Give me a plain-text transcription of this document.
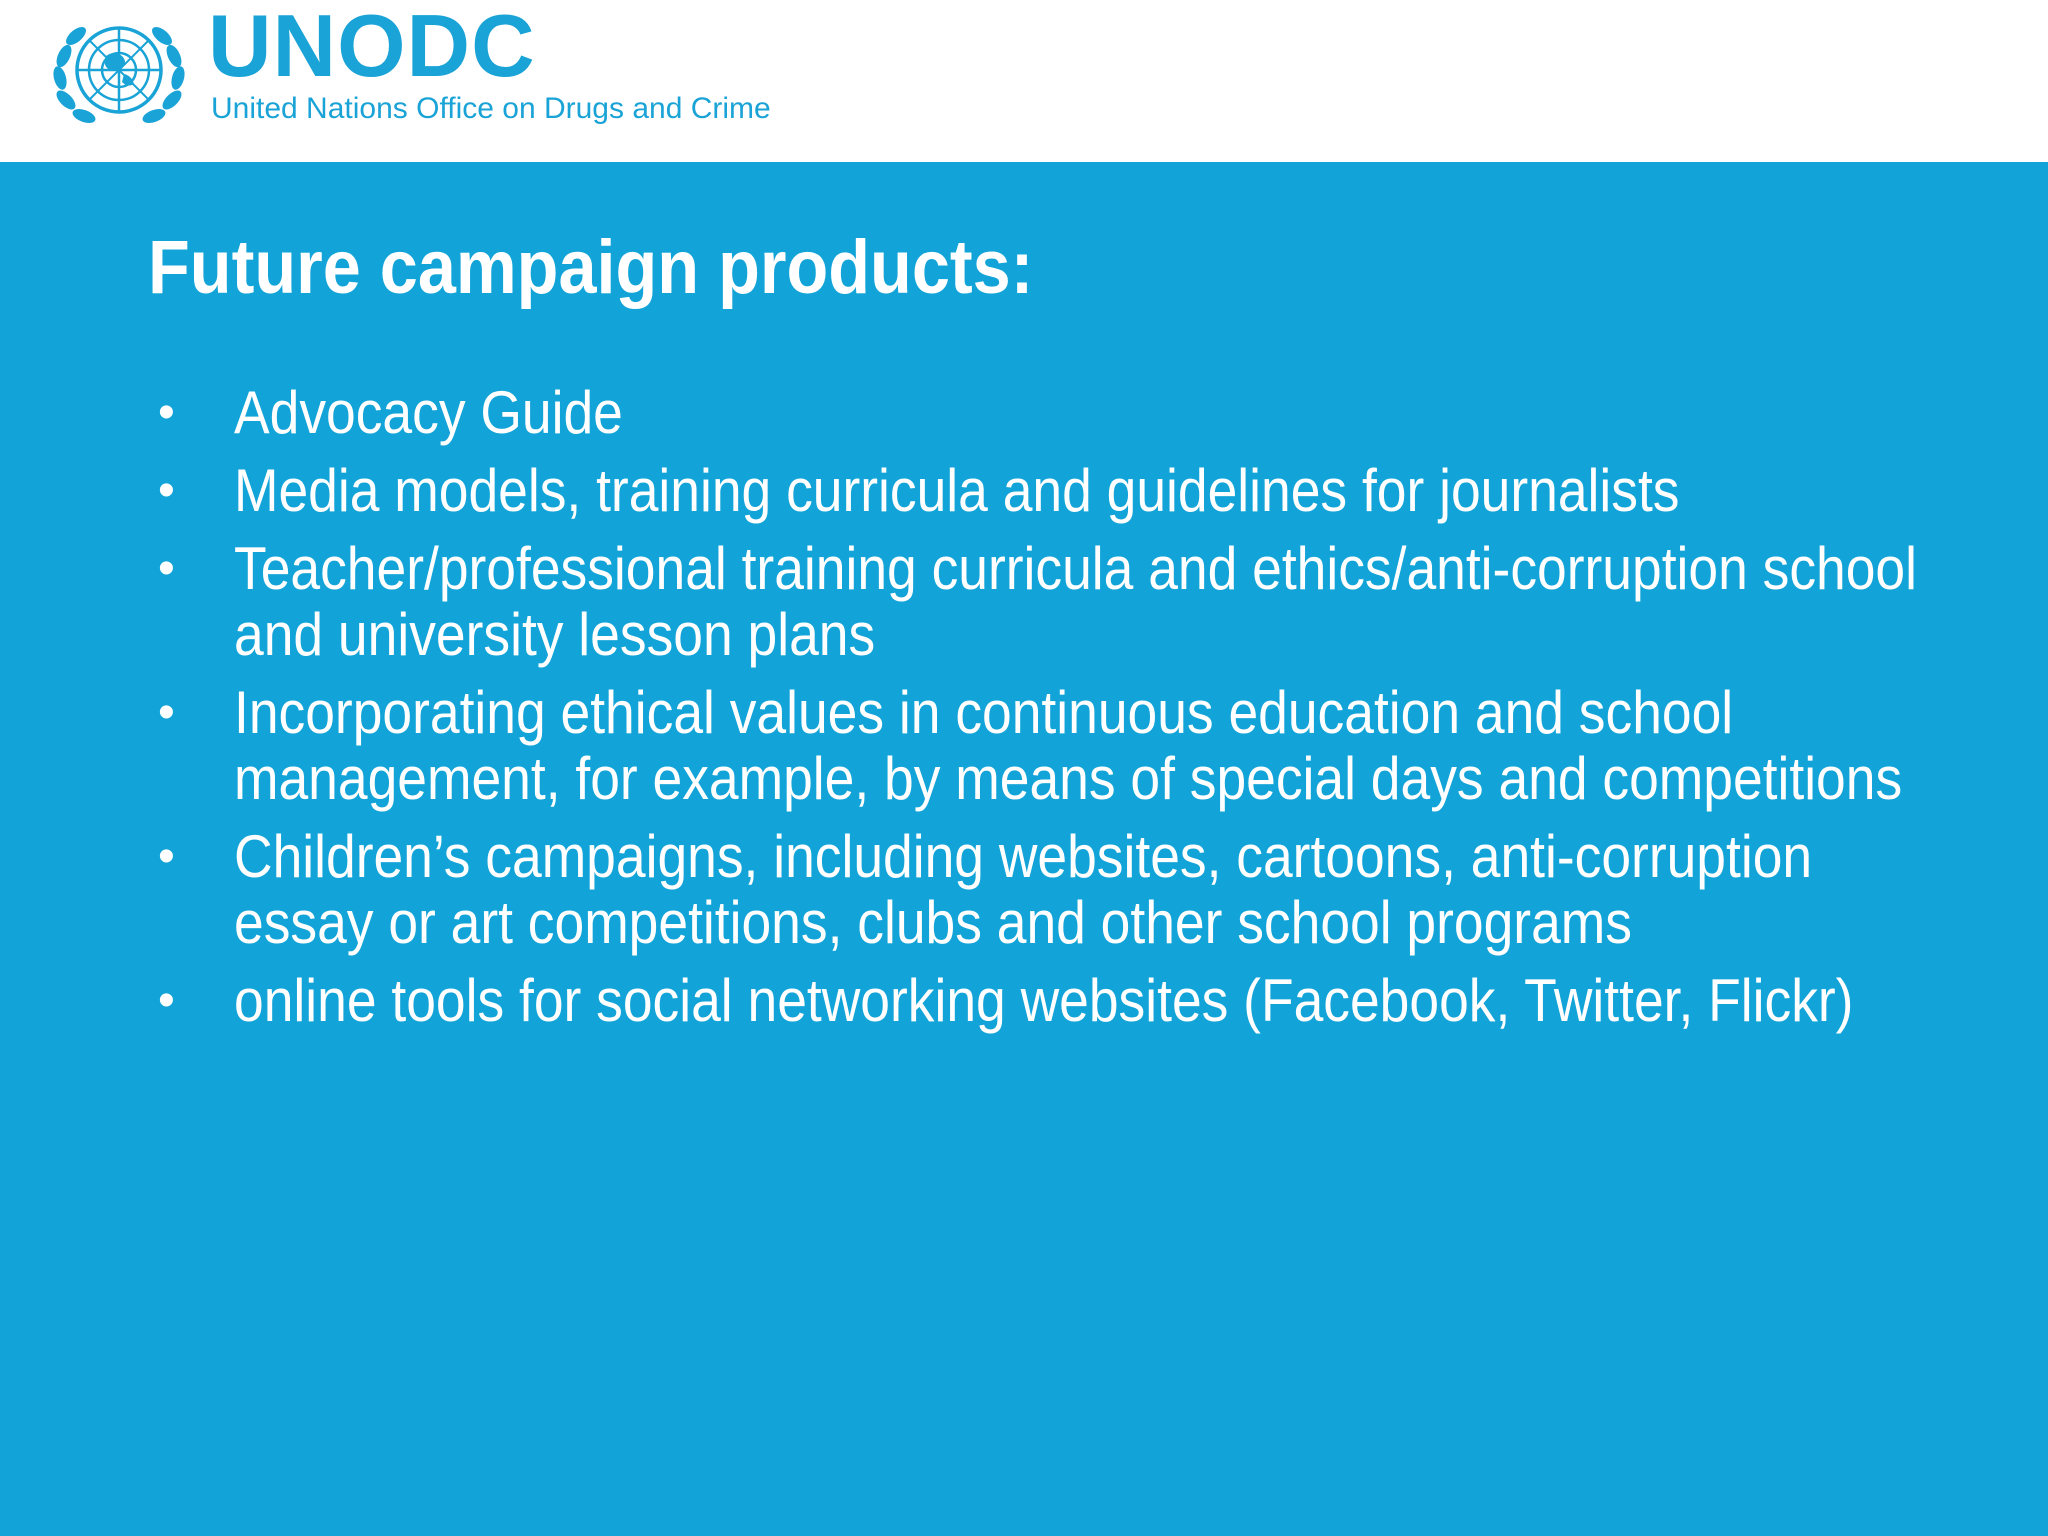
UNODC
United Nations Office on Drugs and Crime
Future campaign products:
• Advocacy Guide
• Media models, training curricula and guidelines for journalists
• Teacher/professional training curricula and ethics/anti-corruption school and university lesson plans
• Incorporating ethical values in continuous education and school management, for example, by means of special days and competitions
• Children’s campaigns, including websites, cartoons, anti-corruption essay or art competitions, clubs and other school programs
• online tools for social networking websites (Facebook, Twitter, Flickr)
